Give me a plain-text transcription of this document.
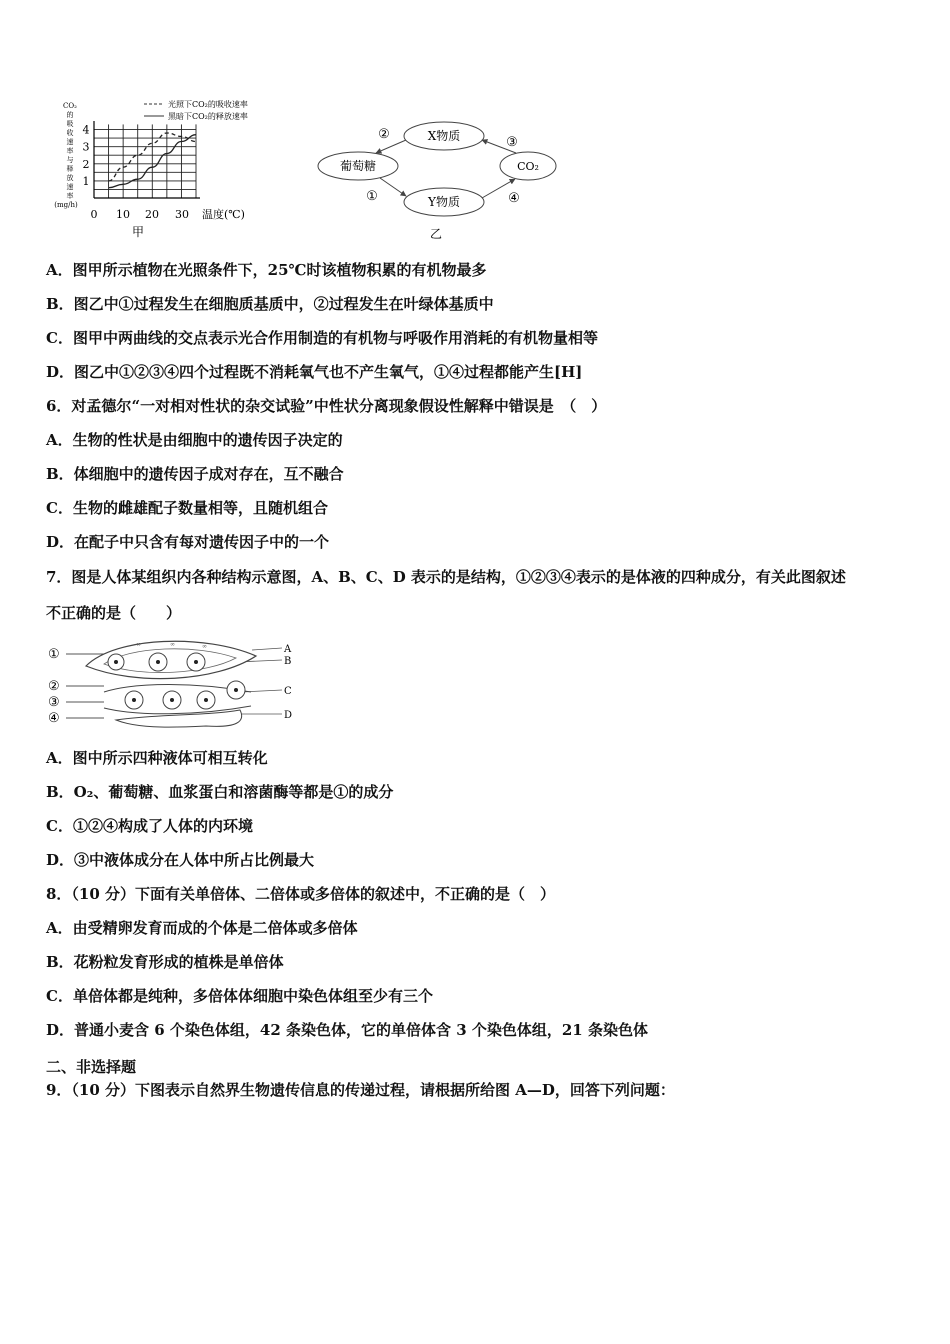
CO₂
的
吸
收
速
率
与
释
放
速
率
(mg/h)
光照下CO₂的吸收速率
黑暗下CO₂的释放速率
1
2
3
4
0 10 20 30 温度(℃)
甲
X物质
葡萄糖	CO₂
Y物质
①
②
③
④
乙
A．图甲所示植物在光照条件下，25℃时该植物积累的有机物最多
B．图乙中①过程发生在细胞质基质中，②过程发生在叶绿体基质中
C．图甲中两曲线的交点表示光合作用制造的有机物与呼吸作用消耗的有机物量相等
D．图乙中①②③④四个过程既不消耗氧气也不产生氧气，①④过程都能产生[H]
6．对孟德尔“一对相对性状的杂交试验”中性状分离现象假设性解释中错误是　（　）
A．生物的性状是由细胞中的遗传因子决定的
B．体细胞中的遗传因子成对存在，互不融合
C．生物的雌雄配子数量相等，且随机组合
D．在配子中只含有每对遗传因子中的一个
7．图是人体某组织内各种结构示意图，A、B、C、D 表示的是结构，①②③④表示的是体液的四种成分，有关此图叙述
不正确的是（　　）
①
②
③
④
A
B
C
D
∞	∞	∞
A．图中所示四种液体可相互转化
B．O₂、葡萄糖、血浆蛋白和溶菌酶等都是①的成分
C．①②④构成了人体的内环境
D．③中液体成分在人体中所占比例最大
8．（10 分）下面有关单倍体、二倍体或多倍体的叙述中，不正确的是（　）
A．由受精卵发育而成的个体是二倍体或多倍体
B．花粉粒发育形成的植株是单倍体
C．单倍体都是纯种，多倍体体细胞中染色体组至少有三个
D．普通小麦含 6 个染色体组，42 条染色体，它的单倍体含 3 个染色体组，21 条染色体
二、非选择题
9．（10 分）下图表示自然界生物遗传信息的传递过程，请根据所给图 A—D，回答下列问题：
